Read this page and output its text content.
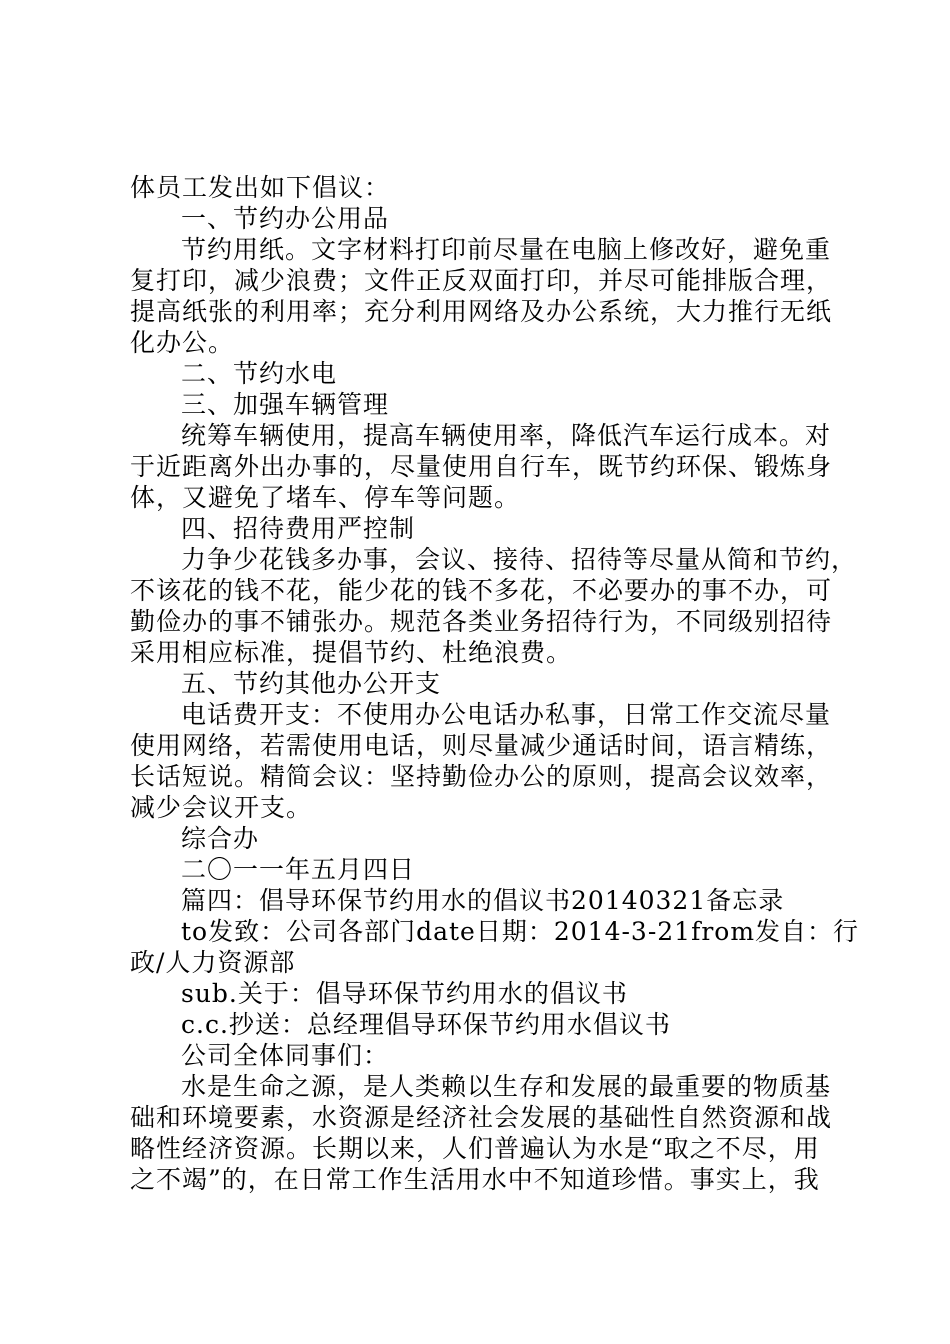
体员工发出如下倡议：
一、节约办公用品
节约用纸。文字材料打印前尽量在电脑上修改好，避免重
复打印，减少浪费；文件正反双面打印，并尽可能排版合理，
提高纸张的利用率；充分利用网络及办公系统，大力推行无纸
化办公。
二、节约水电
三、加强车辆管理
统筹车辆使用，提高车辆使用率，降低汽车运行成本。对
于近距离外出办事的，尽量使用自行车，既节约环保、锻炼身
体，又避免了堵车、停车等问题。
四、招待费用严控制
力争少花钱多办事，会议、接待、招待等尽量从简和节约，
不该花的钱不花，能少花的钱不多花，不必要办的事不办，可
勤俭办的事不铺张办。规范各类业务招待行为，不同级别招待
采用相应标准，提倡节约、杜绝浪费。
五、节约其他办公开支
电话费开支：不使用办公电话办私事，日常工作交流尽量
使用网络，若需使用电话，则尽量减少通话时间，语言精练，
长话短说。精简会议：坚持勤俭办公的原则，提高会议效率，
减少会议开支。
综合办
二〇一一年五月四日
篇四：倡导环保节约用水的倡议书20140321备忘录
to发致：公司各部门date日期：2014-3-21from发自：行
政/人力资源部
sub.关于：倡导环保节约用水的倡议书
c.c.抄送：总经理倡导环保节约用水倡议书
公司全体同事们：
水是生命之源，是人类赖以生存和发展的最重要的物质基
础和环境要素，水资源是经济社会发展的基础性自然资源和战
略性经济资源。长期以来，人们普遍认为水是“取之不尽，用
之不竭”的，在日常工作生活用水中不知道珍惜。事实上，我
